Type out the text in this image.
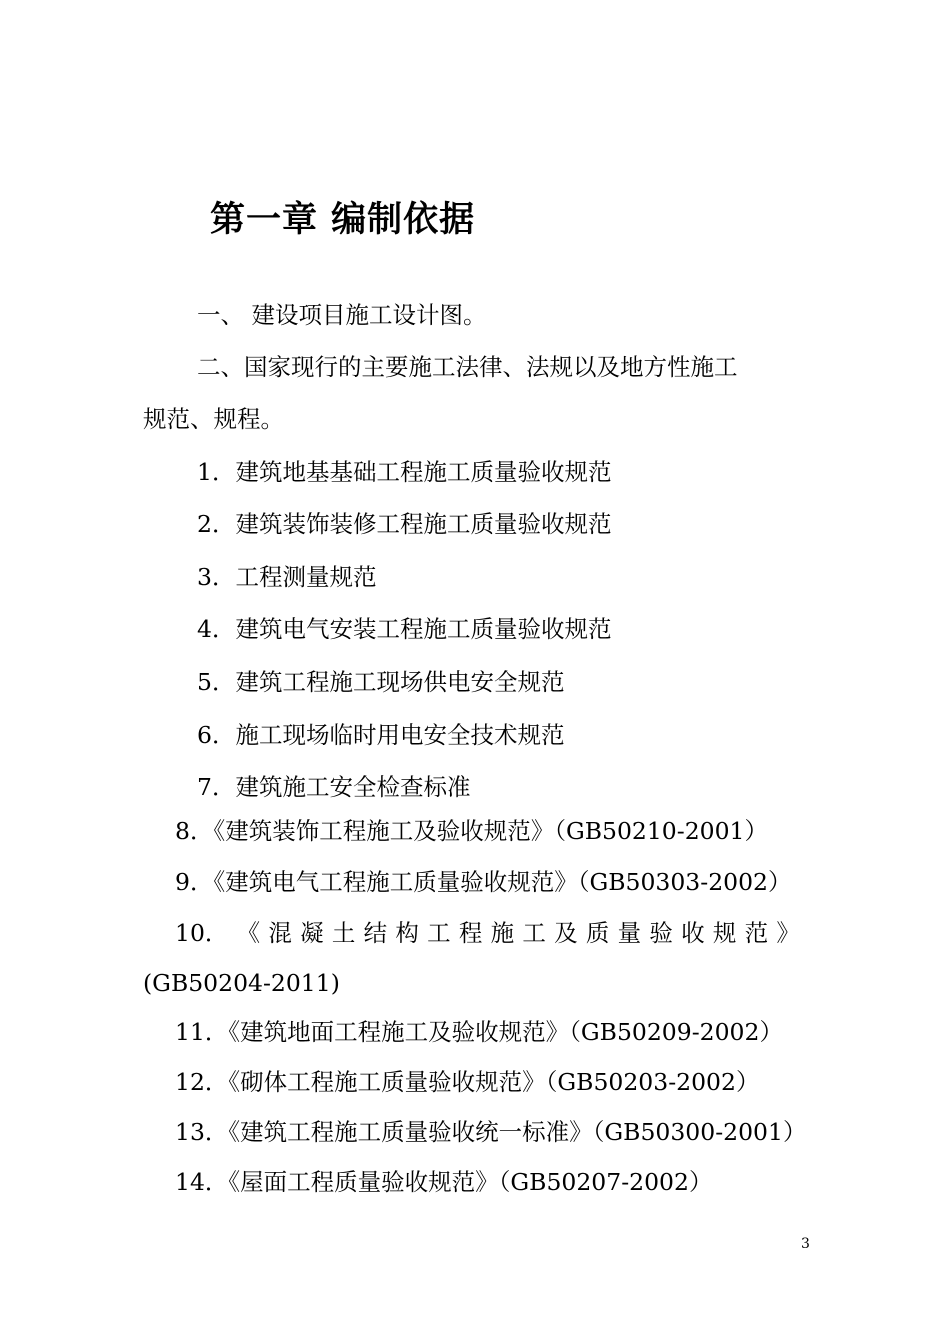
第一章 编制依据
一、 建设项目施工设计图。
二、国家现行的主要施工法律、法规以及地方性施工
规范、规程。
1．建筑地基基础工程施工质量验收规范
2．建筑装饰装修工程施工质量验收规范
3．工程测量规范
4．建筑电气安装工程施工质量验收规范
5．建筑工程施工现场供电安全规范
6．施工现场临时用电安全技术规范
7．建筑施工安全检查标准
8．《建筑装饰工程施工及验收规范》（GB50210-2001）
9．《建筑电气工程施工质量验收规范》（GB50303-2002）
10． 《 混 凝 土 结 构 工 程 施 工 及 质 量 验 收 规 范 》
(GB50204-2011)
11．《建筑地面工程施工及验收规范》（GB50209-2002）
12．《砌体工程施工质量验收规范》（GB50203-2002）
13．《建筑工程施工质量验收统一标准》（GB50300-2001）
14．《屋面工程质量验收规范》（GB50207-2002）
3
